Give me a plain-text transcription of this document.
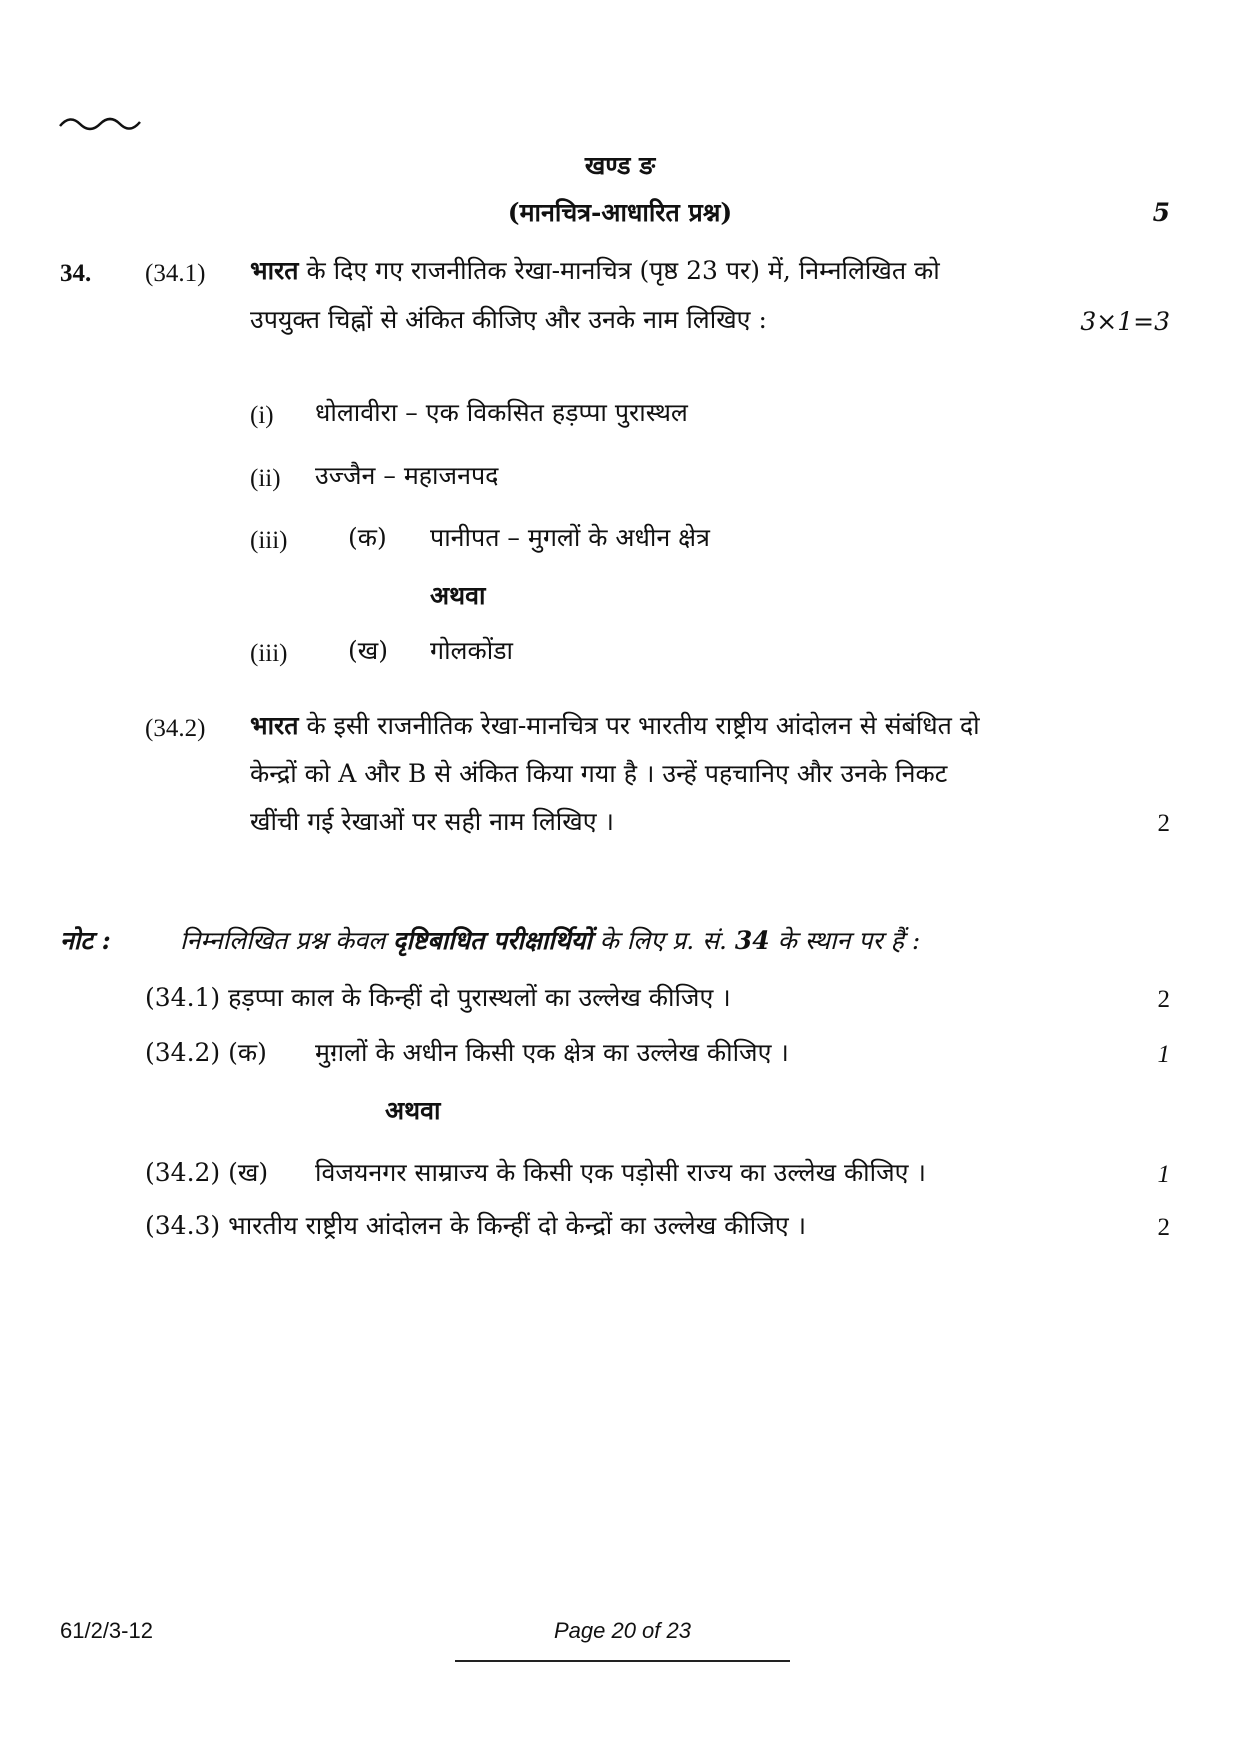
खण्ड ङ
(मानचित्र-आधारित प्रश्न)	5
34. (34.1) भारत के दिए गए राजनीतिक रेखा-मानचित्र (पृष्ठ 23 पर) में, निम्नलिखित को
उपयुक्त चिह्नों से अंकित कीजिए और उनके नाम लिखिए :	3×1=3
(i) धोलावीरा – एक विकसित हड़प्पा पुरास्थल
(ii) उज्जैन – महाजनपद
(iii) (क) पानीपत – मुगलों के अधीन क्षेत्र
अथवा
(iii) (ख) गोलकोंडा
(34.2) भारत के इसी राजनीतिक रेखा-मानचित्र पर भारतीय राष्ट्रीय आंदोलन से संबंधित दो
केन्द्रों को A और B से अंकित किया गया है । उन्हें पहचानिए और उनके निकट
खींची गई रेखाओं पर सही नाम लिखिए ।	2
नोट :	निम्नलिखित प्रश्न केवल दृष्टिबाधित परीक्षार्थियों के लिए प्र. सं. 34 के स्थान पर हैं :
(34.1) हड़प्पा काल के किन्हीं दो पुरास्थलों का उल्लेख कीजिए ।	2
(34.2) (क) मुग़लों के अधीन किसी एक क्षेत्र का उल्लेख कीजिए ।	1
अथवा
(34.2) (ख) विजयनगर साम्राज्य के किसी एक पड़ोसी राज्य का उल्लेख कीजिए ।	1
(34.3) भारतीय राष्ट्रीय आंदोलन के किन्हीं दो केन्द्रों का उल्लेख कीजिए ।	2
61/2/3-12	Page 20 of 23
